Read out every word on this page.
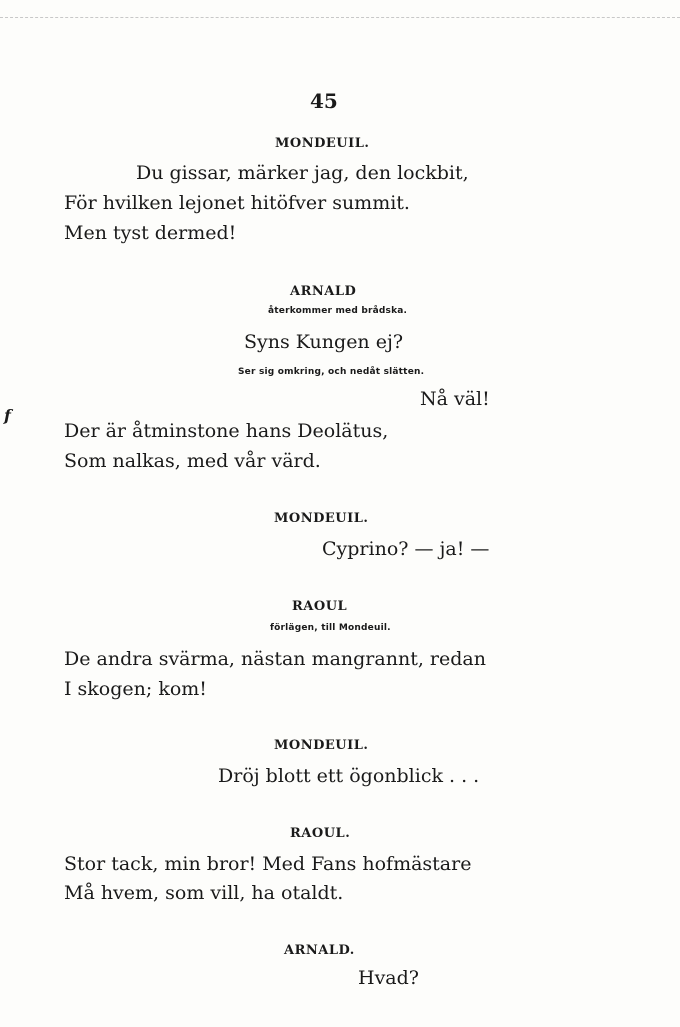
45
MONDEUIL.
Du gissar, märker jag, den lockbit,
För hvilken lejonet hitöfver summit.
Men tyst dermed!
ARNALD
återkommer med brådska.
Syns Kungen ej?
Ser sig omkring, och nedåt slätten.
Nå väl!
f
Der är åtminstone hans Deolätus,
Som nalkas, med vår värd.
MONDEUIL.
Cyprino? — ja! —
RAOUL
förlägen, till Mondeuil.
De andra svärma, nästan mangrannt, redan
I skogen; kom!
MONDEUIL.
Dröj blott ett ögonblick . . .
RAOUL.
Stor tack, min bror! Med Fans hofmästare
Må hvem, som vill, ha otaldt.
ARNALD.
Hvad?
